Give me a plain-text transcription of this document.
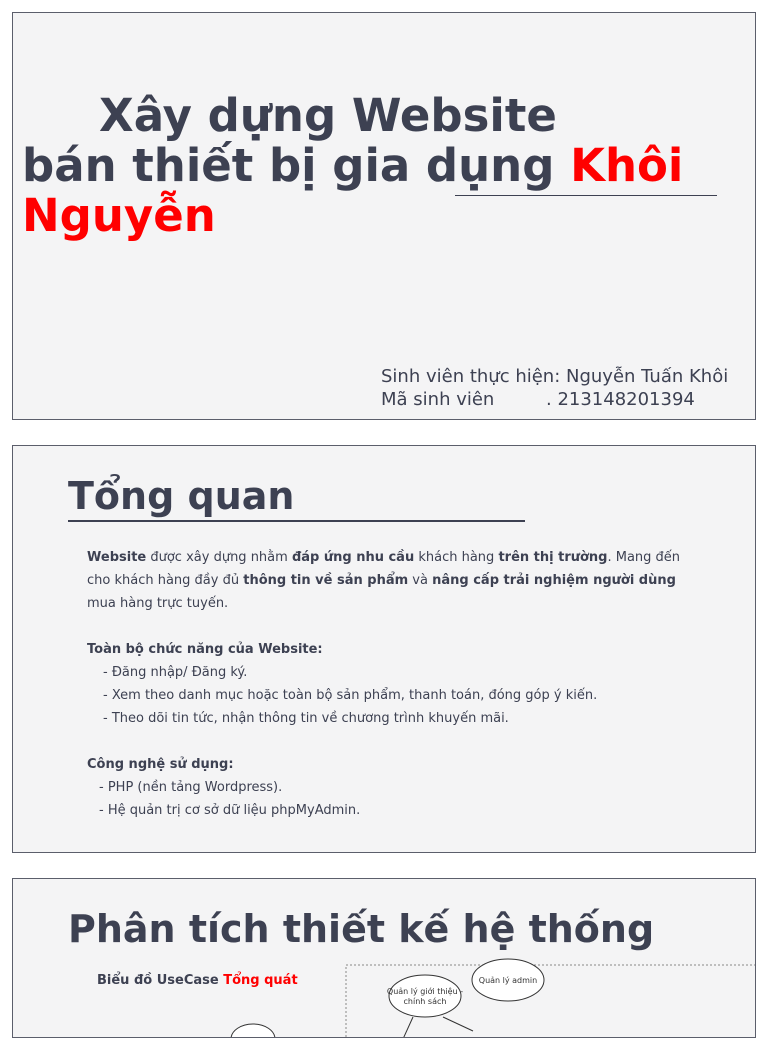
Xây dựng Website
bán thiết bị gia dụng Khôi
Nguyễn
Sinh viên thực hiện: Nguyễn Tuấn Khôi
Mã sinh viên	. 213148201394
Tổng quan

Website được xây dựng nhằm đáp ứng nhu cầu khách hàng trên thị trường. Mang đến cho khách hàng đầy đủ thông tin về sản phẩm và nâng cấp trải nghiệm người dùng mua hàng trực tuyến.

Toàn bộ chức năng của Website:

- Đăng nhập/ Đăng ký.

- Xem theo danh mục hoặc toàn bộ sản phẩm, thanh toán, đóng góp ý kiến.

- Theo dõi tin tức, nhận thông tin về chương trình khuyến mãi.

Công nghệ sử dụng:

- PHP (nền tảng Wordpress).

- Hệ quản trị cơ sở dữ liệu phpMyAdmin.

Phân tích thiết kế hệ thống
Biểu đồ UseCase Tổng quát	Quản lý admin
Quản lý giới thiệu -
chính sách
